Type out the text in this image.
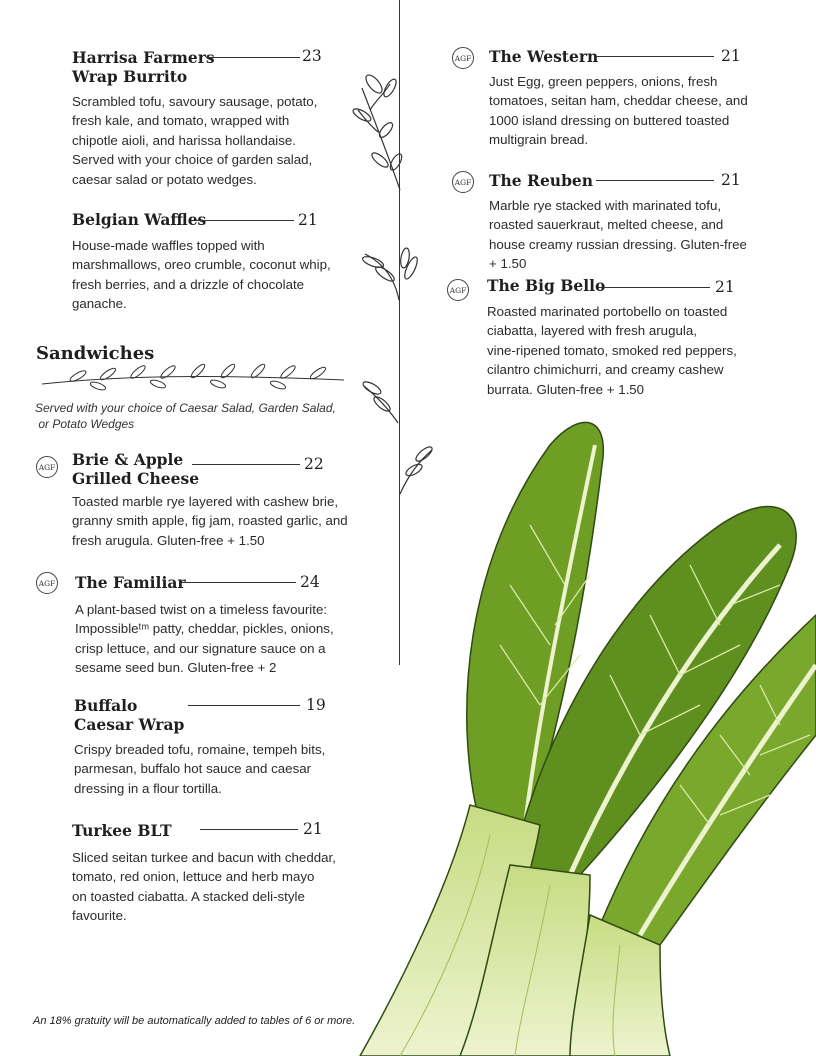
Harrisa Farmers
Wrap Burrito
23
Scrambled tofu, savoury sausage, potato,
fresh kale, and tomato, wrapped with
chipotle aioli, and harissa hollandaise.
Served with your choice of garden salad,
caesar salad or potato wedges.
Belgian Waffles	21
House-made waffles topped with
marshmallows, oreo crumble, coconut whip,
fresh berries, and a drizzle of chocolate
ganache.
Sandwiches
Served with your choice of Caesar Salad, Garden Salad,
or Potato Wedges
AGF Brie & Apple
Grilled Cheese
22
Toasted marble rye layered with cashew brie,
granny smith apple, fig jam, roasted garlic, and
fresh arugula. Gluten-free + 1.50
AGF The Familiar	24
A plant-based twist on a timeless favourite:
Impossibleᵗᵐ patty, cheddar, pickles, onions,
crisp lettuce, and our signature sauce on a
sesame seed bun. Gluten-free + 2
Buffalo
Caesar Wrap
19
Crispy breaded tofu, romaine, tempeh bits,
parmesan, buffalo hot sauce and caesar
dressing in a flour tortilla.
Turkee BLT	21
Sliced seitan turkee and bacun with cheddar,
tomato, red onion, lettuce and herb mayo
on toasted ciabatta. A stacked deli-style
favourite.
AGF The Western	21
Just Egg, green peppers, onions, fresh
tomatoes, seitan ham, cheddar cheese, and
1000 island dressing on buttered toasted
multigrain bread.
AGF The Reuben	21
Marble rye stacked with marinated tofu,
roasted sauerkraut, melted cheese, and
house creamy russian dressing. Gluten-free
+ 1.50
AGF The Big Bello	21
Roasted marinated portobello on toasted
ciabatta, layered with fresh arugula,
vine-ripened tomato, smoked red peppers,
cilantro chimichurri, and creamy cashew
burrata. Gluten-free + 1.50
An 18% gratuity will be automatically added to tables of 6 or more.
